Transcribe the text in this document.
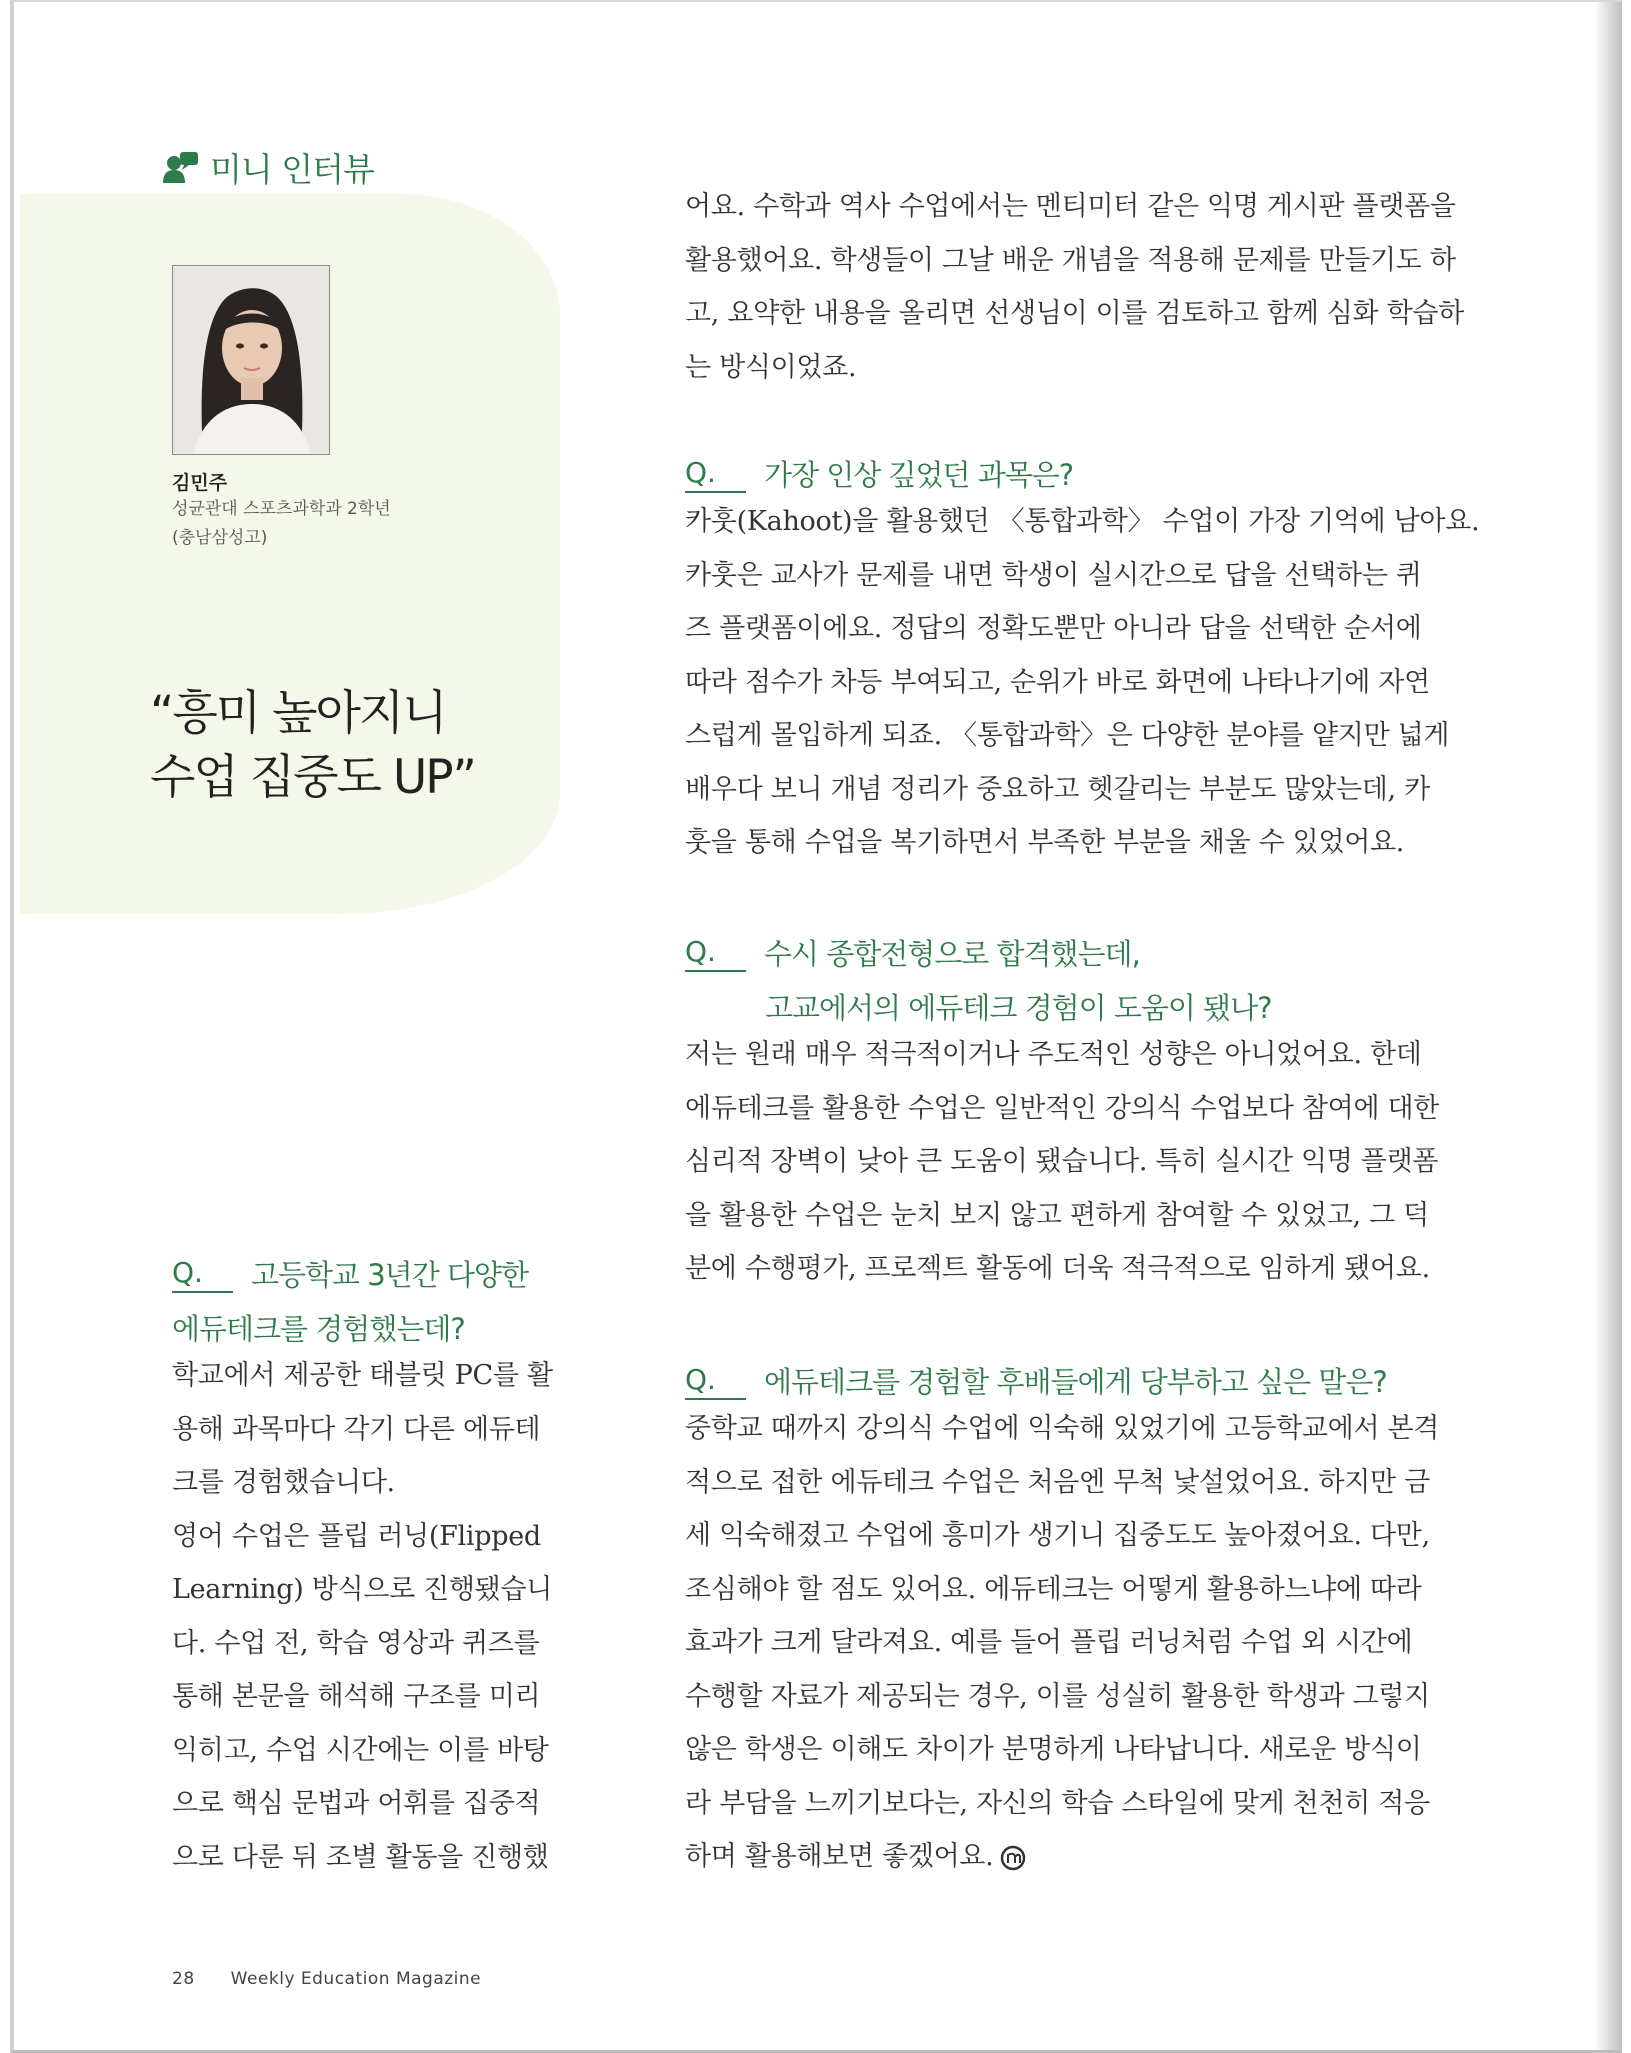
미니 인터뷰
김민주
성균관대 스포츠과학과 2학년
(충남삼성고)
“흥미 높아지니
수업 집중도 UP”
Q.	고등학교 3년간 다양한
에듀테크를 경험했는데?
학교에서 제공한 태블릿 PC를 활
용해 과목마다 각기 다른 에듀테
크를 경험했습니다.
영어 수업은 플립 러닝(Flipped
Learning) 방식으로 진행됐습니
다. 수업 전, 학습 영상과 퀴즈를
통해 본문을 해석해 구조를 미리
익히고, 수업 시간에는 이를 바탕
으로 핵심 문법과 어휘를 집중적
으로 다룬 뒤 조별 활동을 진행했
어요. 수학과 역사 수업에서는 멘티미터 같은 익명 게시판 플랫폼을
활용했어요. 학생들이 그날 배운 개념을 적용해 문제를 만들기도 하
고, 요약한 내용을 올리면 선생님이 이를 검토하고 함께 심화 학습하
는 방식이었죠.
Q.	가장 인상 깊었던 과목은?
카훗(Kahoot)을 활용했던 〈통합과학〉 수업이 가장 기억에 남아요.
카훗은 교사가 문제를 내면 학생이 실시간으로 답을 선택하는 퀴
즈 플랫폼이에요. 정답의 정확도뿐만 아니라 답을 선택한 순서에
따라 점수가 차등 부여되고, 순위가 바로 화면에 나타나기에 자연
스럽게 몰입하게 되죠. 〈통합과학〉은 다양한 분야를 얕지만 넓게
배우다 보니 개념 정리가 중요하고 헷갈리는 부분도 많았는데, 카
훗을 통해 수업을 복기하면서 부족한 부분을 채울 수 있었어요.
Q.	수시 종합전형으로 합격했는데,
고교에서의 에듀테크 경험이 도움이 됐나?
저는 원래 매우 적극적이거나 주도적인 성향은 아니었어요. 한데
에듀테크를 활용한 수업은 일반적인 강의식 수업보다 참여에 대한
심리적 장벽이 낮아 큰 도움이 됐습니다. 특히 실시간 익명 플랫폼
을 활용한 수업은 눈치 보지 않고 편하게 참여할 수 있었고, 그 덕
분에 수행평가, 프로젝트 활동에 더욱 적극적으로 임하게 됐어요.
Q.	에듀테크를 경험할 후배들에게 당부하고 싶은 말은?
중학교 때까지 강의식 수업에 익숙해 있었기에 고등학교에서 본격
적으로 접한 에듀테크 수업은 처음엔 무척 낯설었어요. 하지만 금
세 익숙해졌고 수업에 흥미가 생기니 집중도도 높아졌어요. 다만,
조심해야 할 점도 있어요. 에듀테크는 어떻게 활용하느냐에 따라
효과가 크게 달라져요. 예를 들어 플립 러닝처럼 수업 외 시간에
수행할 자료가 제공되는 경우, 이를 성실히 활용한 학생과 그렇지
않은 학생은 이해도 차이가 분명하게 나타납니다. 새로운 방식이
라 부담을 느끼기보다는, 자신의 학습 스타일에 맞게 천천히 적응
하며 활용해보면 좋겠어요.
28 Weekly Education Magazine
